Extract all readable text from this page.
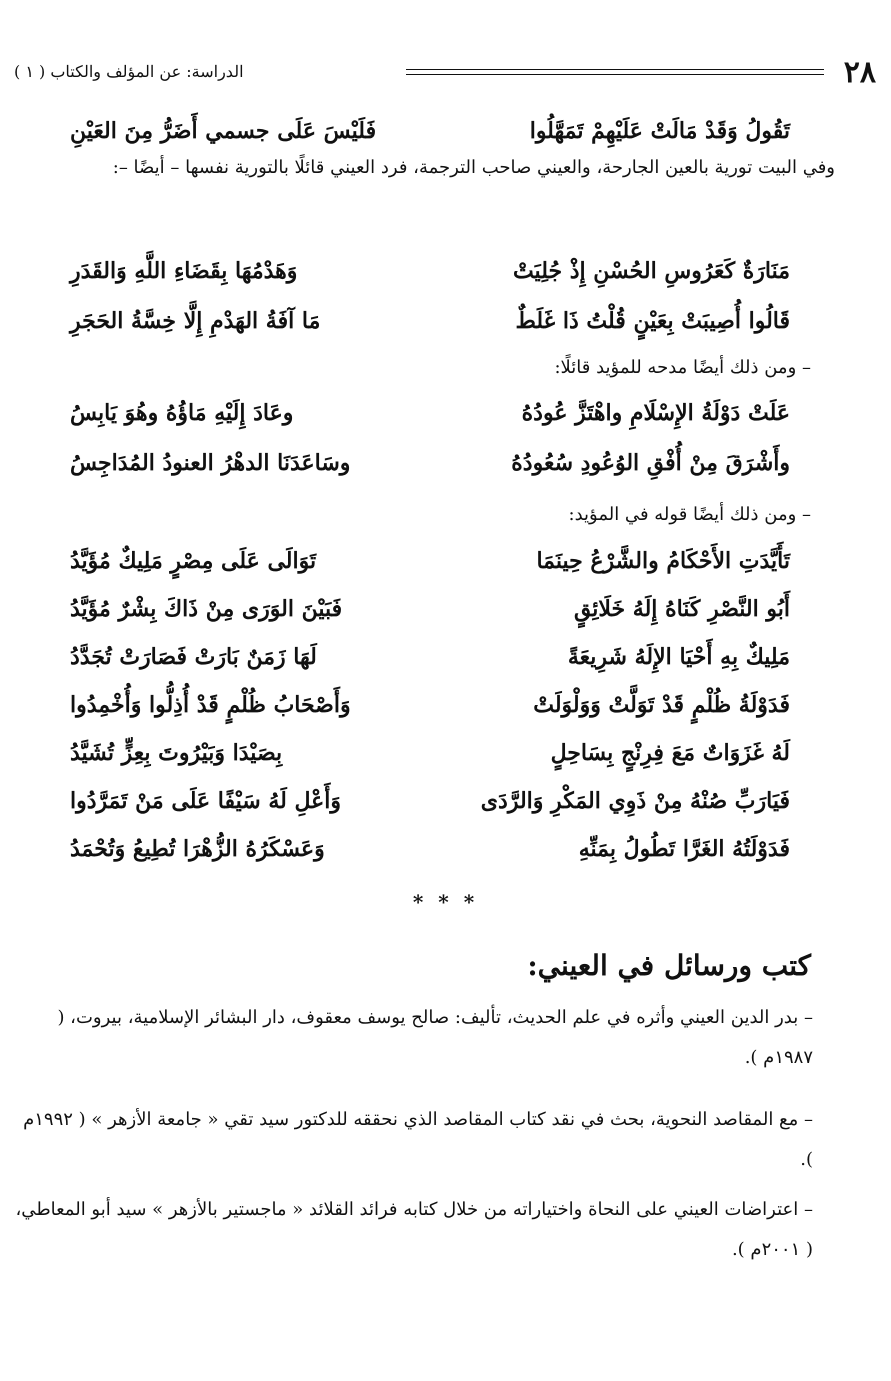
٢٨
الدراسة: عن المؤلف والكتاب ( ١ )
تَقُولُ وَقَدْ مَالَتْ عَلَيْهِمْ تَمَهَّلُوا
فَلَيْسَ عَلَى جسمي أَضَرُّ مِنَ العَيْنِ

وفي البيت تورية بالعين الجارحة، والعيني صاحب الترجمة، فرد العيني قائلًا بالتورية نفسها – أيضًا –:

مَنَارَةٌ كَعَرُوسِ الحُسْنِ إِذْ جُلِيَتْ
وَهَدْمُهَا بِقَضَاءِ اللَّهِ وَالقَدَرِ
قَالُوا أُصِيبَتْ بِعَيْنٍ قُلْتُ ذَا غَلَطٌ
مَا آفَةُ الهَدْمِ إِلَّا خِسَّةُ الحَجَرِ
– ومن ذلك أيضًا مدحه للمؤيد قائلًا:
عَلَتْ دَوْلَةُ الإِسْلَامِ واهْتَزَّ عُودُهُ
وعَادَ إِلَيْهِ مَاؤُهُ وهُوَ يَابِسُ
وأَشْرَقَ مِنْ أُفْقِ الوُعُودِ سُعُودُهُ
وسَاعَدَنَا الدهْرُ العنودُ المُدَاجِسُ
– ومن ذلك أيضًا قوله في المؤيد:
تَأَيَّدَتِ الأَحْكَامُ والشَّرْعُ حِينَمَا
تَوَالَى عَلَى مِصْرٍ مَلِيكٌ مُؤَيَّدُ
أَبُو النَّصْرِ كَنَاهُ إِلَهُ خَلَائِقٍ
فَبَيْنَ الوَرَى مِنْ ذَاكَ بِشْرٌ مُؤَيَّدُ
مَلِيكٌ بِهِ أَحْيَا الإِلَهُ شَرِيعَةً
لَهَا زَمَنٌ بَارَتْ فَصَارَتْ تُجَدَّدُ
فَدَوْلَةُ ظُلْمٍ قَدْ تَوَلَّتْ وَوَلْوَلَتْ
وَأَصْحَابُ ظُلْمٍ قَدْ أُذِلُّوا وَأُخْمِدُوا
لَهُ غَزَوَاتٌ مَعَ فِرِنْجٍ بِسَاحِلٍ
بِصَيْدَا وَبَيْرُوتَ بِعِزٍّ تُشَيَّدُ
فَيَارَبِّ صُنْهُ مِنْ ذَوِي المَكْرِ وَالرَّدَى
وَأَعْلِ لَهُ سَيْفًا عَلَى مَنْ تَمَرَّدُوا
فَدَوْلَتُهُ الغَرَّا تَطُولُ بِمَنِّهِ
وَعَسْكَرُهُ الزُّهْرَا تُطِيعُ وَتُحْمَدُ
* * *
كتب ورسائل في العيني:

– بدر الدين العيني وأثره في علم الحديث، تأليف: صالح يوسف معقوف، دار البشائر الإسلامية، بيروت، ( ١٩٨٧م ).

– مع المقاصد النحوية، بحث في نقد كتاب المقاصد الذي نحققه للدكتور سيد تقي « جامعة الأزهر » ( ١٩٩٢م ).

– اعتراضات العيني على النحاة واختياراته من خلال كتابه فرائد القلائد « ماجستير بالأزهر » سيد أبو المعاطي، ( ٢٠٠١م ).
